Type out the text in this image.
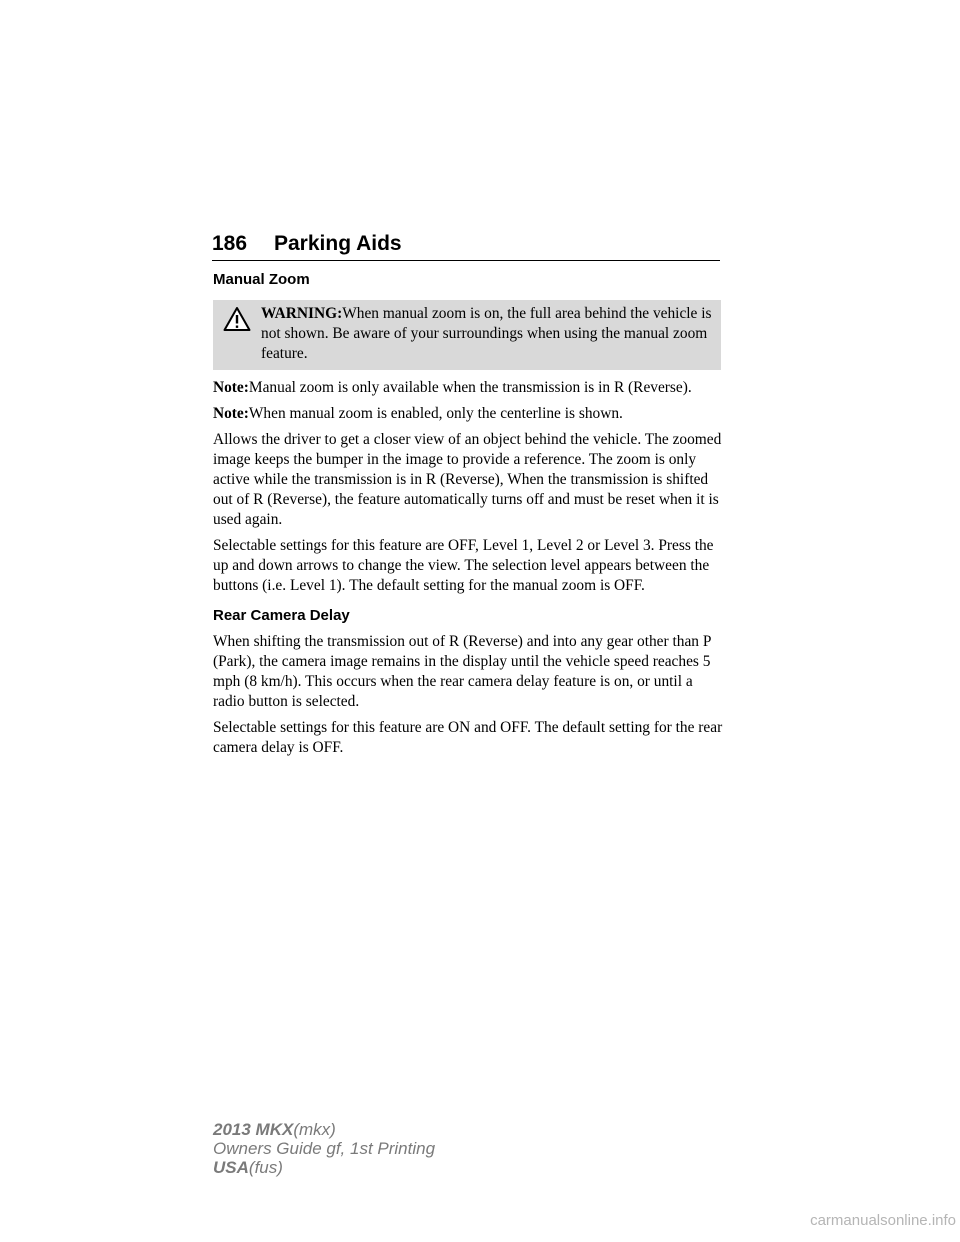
186 Parking Aids
Manual Zoom
WARNING:When manual zoom is on, the full area behind the vehicle is not shown. Be aware of your surroundings when using the manual zoom feature.

Note:Manual zoom is only available when the transmission is in R (Reverse).

Note:When manual zoom is enabled, only the centerline is shown.

Allows the driver to get a closer view of an object behind the vehicle. The zoomed image keeps the bumper in the image to provide a reference. The zoom is only active while the transmission is in R (Reverse), When the transmission is shifted out of R (Reverse), the feature automatically turns off and must be reset when it is used again.

Selectable settings for this feature are OFF, Level 1, Level 2 or Level 3. Press the up and down arrows to change the view. The selection level appears between the buttons (i.e. Level 1). The default setting for the manual zoom is OFF.

Rear Camera Delay

When shifting the transmission out of R (Reverse) and into any gear other than P (Park), the camera image remains in the display until the vehicle speed reaches 5 mph (8 km/h). This occurs when the rear camera delay feature is on, or until a radio button is selected.

Selectable settings for this feature are ON and OFF. The default setting for the rear camera delay is OFF.

2013 MKX(mkx)
Owners Guide gf, 1st Printing
USA(fus)
carmanualsonline.info
